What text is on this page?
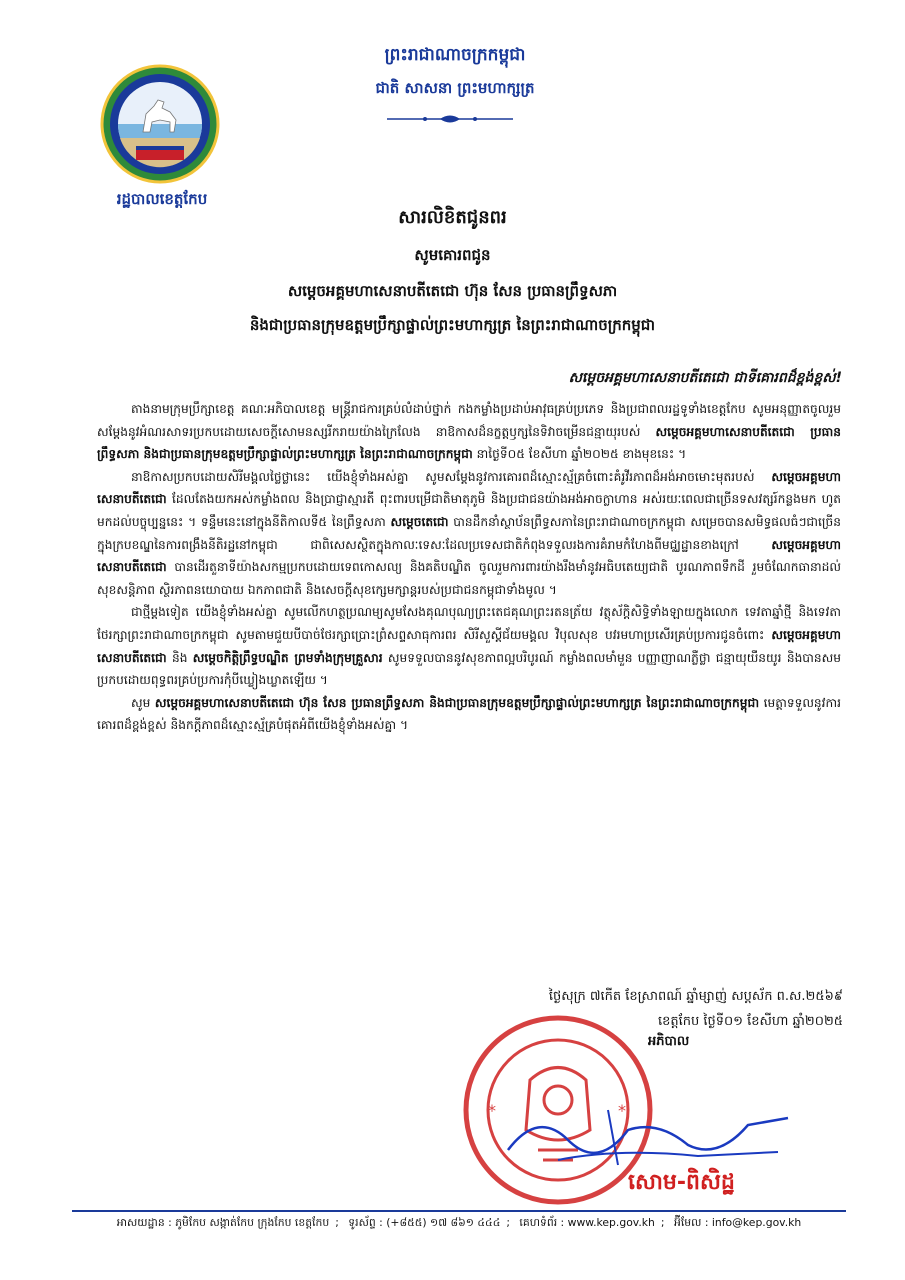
រដ្ឋបាលខេត្តកែប
ព្រះរាជាណាចក្រកម្ពុជា
ជាតិ សាសនា ព្រះមហាក្សត្រ
សារលិខិតជូនពរ
សូមគោរពជូន
សម្ដេចអគ្គមហាសេនាបតីតេជោ ហ៊ុន សែន ប្រធានព្រឹទ្ធសភា
និងជាប្រធានក្រុមឧត្ដមប្រឹក្សាផ្ទាល់ព្រះមហាក្សត្រ នៃព្រះរាជាណាចក្រកម្ពុជា
សម្ដេចអគ្គមហាសេនាបតីតេជោ ជាទីគោរពដ៏ខ្ពង់ខ្ពស់!

តាងនាមក្រុមប្រឹក្សាខេត្ត គណៈអភិបាលខេត្ត មន្ត្រីរាជការគ្រប់លំដាប់ថ្នាក់ កងកម្លាំងប្រដាប់អាវុធគ្រប់ប្រភេទ និងប្រជាពលរដ្ឋទូទាំងខេត្តកែប សូមអនុញ្ញាតចូលរួមសម្ដែងនូវអំណរសាទរប្រកបដោយសេចក្ដីសោមនស្សរីករាយយ៉ាងក្រៃលែង នាឱកាសដ៏នក្ខត្តឫក្សនៃទិវាចម្រើនជន្មាយុរបស់ សម្ដេចអគ្គមហាសេនាបតីតេជោ ប្រធានព្រឹទ្ធសភា និងជាប្រធានក្រុមឧត្ដមប្រឹក្សាផ្ទាល់ព្រះមហាក្សត្រ នៃព្រះរាជាណាចក្រកម្ពុជា នាថ្ងៃទី០៥ ខែសីហា ឆ្នាំ២០២៥ ខាងមុខនេះ ។

នាឱកាសប្រកបដោយសិរីមង្គលថ្លៃថ្លានេះ យើងខ្ញុំទាំងអស់គ្នា សូមសម្ដែងនូវការគោរពដ៏ស្មោះស្ម័គ្រចំពោះគំរូវីរភាពដ៏អង់អាចមោះមុតរបស់ សម្ដេចអគ្គមហាសេនាបតីតេជោ ដែលតែងយកអស់កម្លាំងពល និងប្រាជ្ញាស្មារតី ពុះពារបម្រើជាតិមាតុភូមិ និងប្រជាជនយ៉ាងអង់អាចក្លាហាន អស់រយៈពេលជាច្រើនទសវត្សរ៍កន្លងមក ហូតមកដល់បច្ចុប្បន្ននេះ ។ ទន្ទឹមនេះនៅក្នុងនីតិកាលទី៥ នៃព្រឹទ្ធសភា សម្ដេចតេជោ បានដឹកនាំស្ថាប័នព្រឹទ្ធសភានៃព្រះរាជាណាចក្រកម្ពុជា សម្រេចបានសមិទ្ធផលធំៗជាច្រើនក្នុងក្របខណ្ឌនៃការពង្រឹងនីតិរដ្ឋនៅកម្ពុជា ជាពិសេសស្ថិតក្នុងកាលៈទេសៈដែលប្រទេសជាតិកំពុងទទួលរងការគំរាមកំហែងពីមជ្ឈដ្ឋានខាងក្រៅ សម្ដេចអគ្គមហាសេនាបតីតេជោ បានដើរតួនាទីយ៉ាងសកម្មប្រកបដោយទេពកោសល្យ និងគតិបណ្ឌិត ចូលរួមការពារយ៉ាងរឹងមាំនូវអធិបតេយ្យជាតិ បូរណភាពទឹកដី រួមចំណែកធានាដល់សុខសន្តិភាព ស្ថិរភាពនយោបាយ ឯកភាពជាតិ និងសេចក្ដីសុខក្សេមក្សាន្តរបស់ប្រជាជនកម្ពុជាទាំងមូល ។

ជាថ្មីម្ដងទៀត យើងខ្ញុំទាំងអស់គ្នា សូមលើកហត្ថប្រណម្យសូមសែងគុណបុណ្យព្រះតេជគុណព្រះរតនត្រ័យ វត្ថុស័ក្តិសិទ្ធិទាំងឡាយក្នុងលោក ទេវតាឆ្នាំថ្មី និងទេវតាថែរក្សាព្រះរាជាណាចក្រកម្ពុជា សូមតាមជួយបីបាច់ថែរក្សាប្រោះព្រំសព្ទសាធុការពរ សិរីសួស្ដីជ័យមង្គល វិបុលសុខ បវរមហាប្រសើរគ្រប់ប្រការជូនចំពោះ សម្ដេចអគ្គមហាសេនាបតីតេជោ និង សម្ដេចកិត្តិព្រឹទ្ធបណ្ឌិត ព្រមទាំងក្រុមគ្រួសារ សូមទទួលបាននូវសុខភាពល្អបរិបូរណ៍ កម្លាំងពលមាំមួន បញ្ញាញាណភ្លឺថ្លា ជន្មាយុយឺនយូរ និងបានសមប្រកបដោយពុទ្ធពរគ្រប់ប្រការកុំបីឃ្លៀងឃ្លាតឡើយ ។

សូម សម្ដេចអគ្គមហាសេនាបតីតេជោ ហ៊ុន សែន ប្រធានព្រឹទ្ធសភា និងជាប្រធានក្រុមឧត្ដមប្រឹក្សាផ្ទាល់ព្រះមហាក្សត្រ នៃព្រះរាជាណាចក្រកម្ពុជា មេត្តាទទួលនូវការគោរពដ៏ខ្ពង់ខ្ពស់ និងកក្ដីភាពដ៏ស្មោះស្ម័គ្របំផុតអំពីយើងខ្ញុំទាំងអស់គ្នា ។

ថ្ងៃសុក្រ ៧កើត ខែស្រាពណ៍ ឆ្នាំម្សាញ់ សប្តស័ក ព.ស.២៥៦៩
ខេត្តកែប ថ្ងៃទី០១ ខែសីហា ឆ្នាំ២០២៥
អភិបាល
*	*
សោម-ពិសិដ្ឋ
អាសយដ្ឋាន : ភូមិកែប សង្កាត់កែប ក្រុងកែប ខេត្តកែប ; ទូរស័ព្ទ : (+៨៥៥) ១៧ ៨៦១ ៤៤៤ ; គេហទំព័រ : www.kep.gov.kh ; អ៊ីមែល : info@kep.gov.kh
